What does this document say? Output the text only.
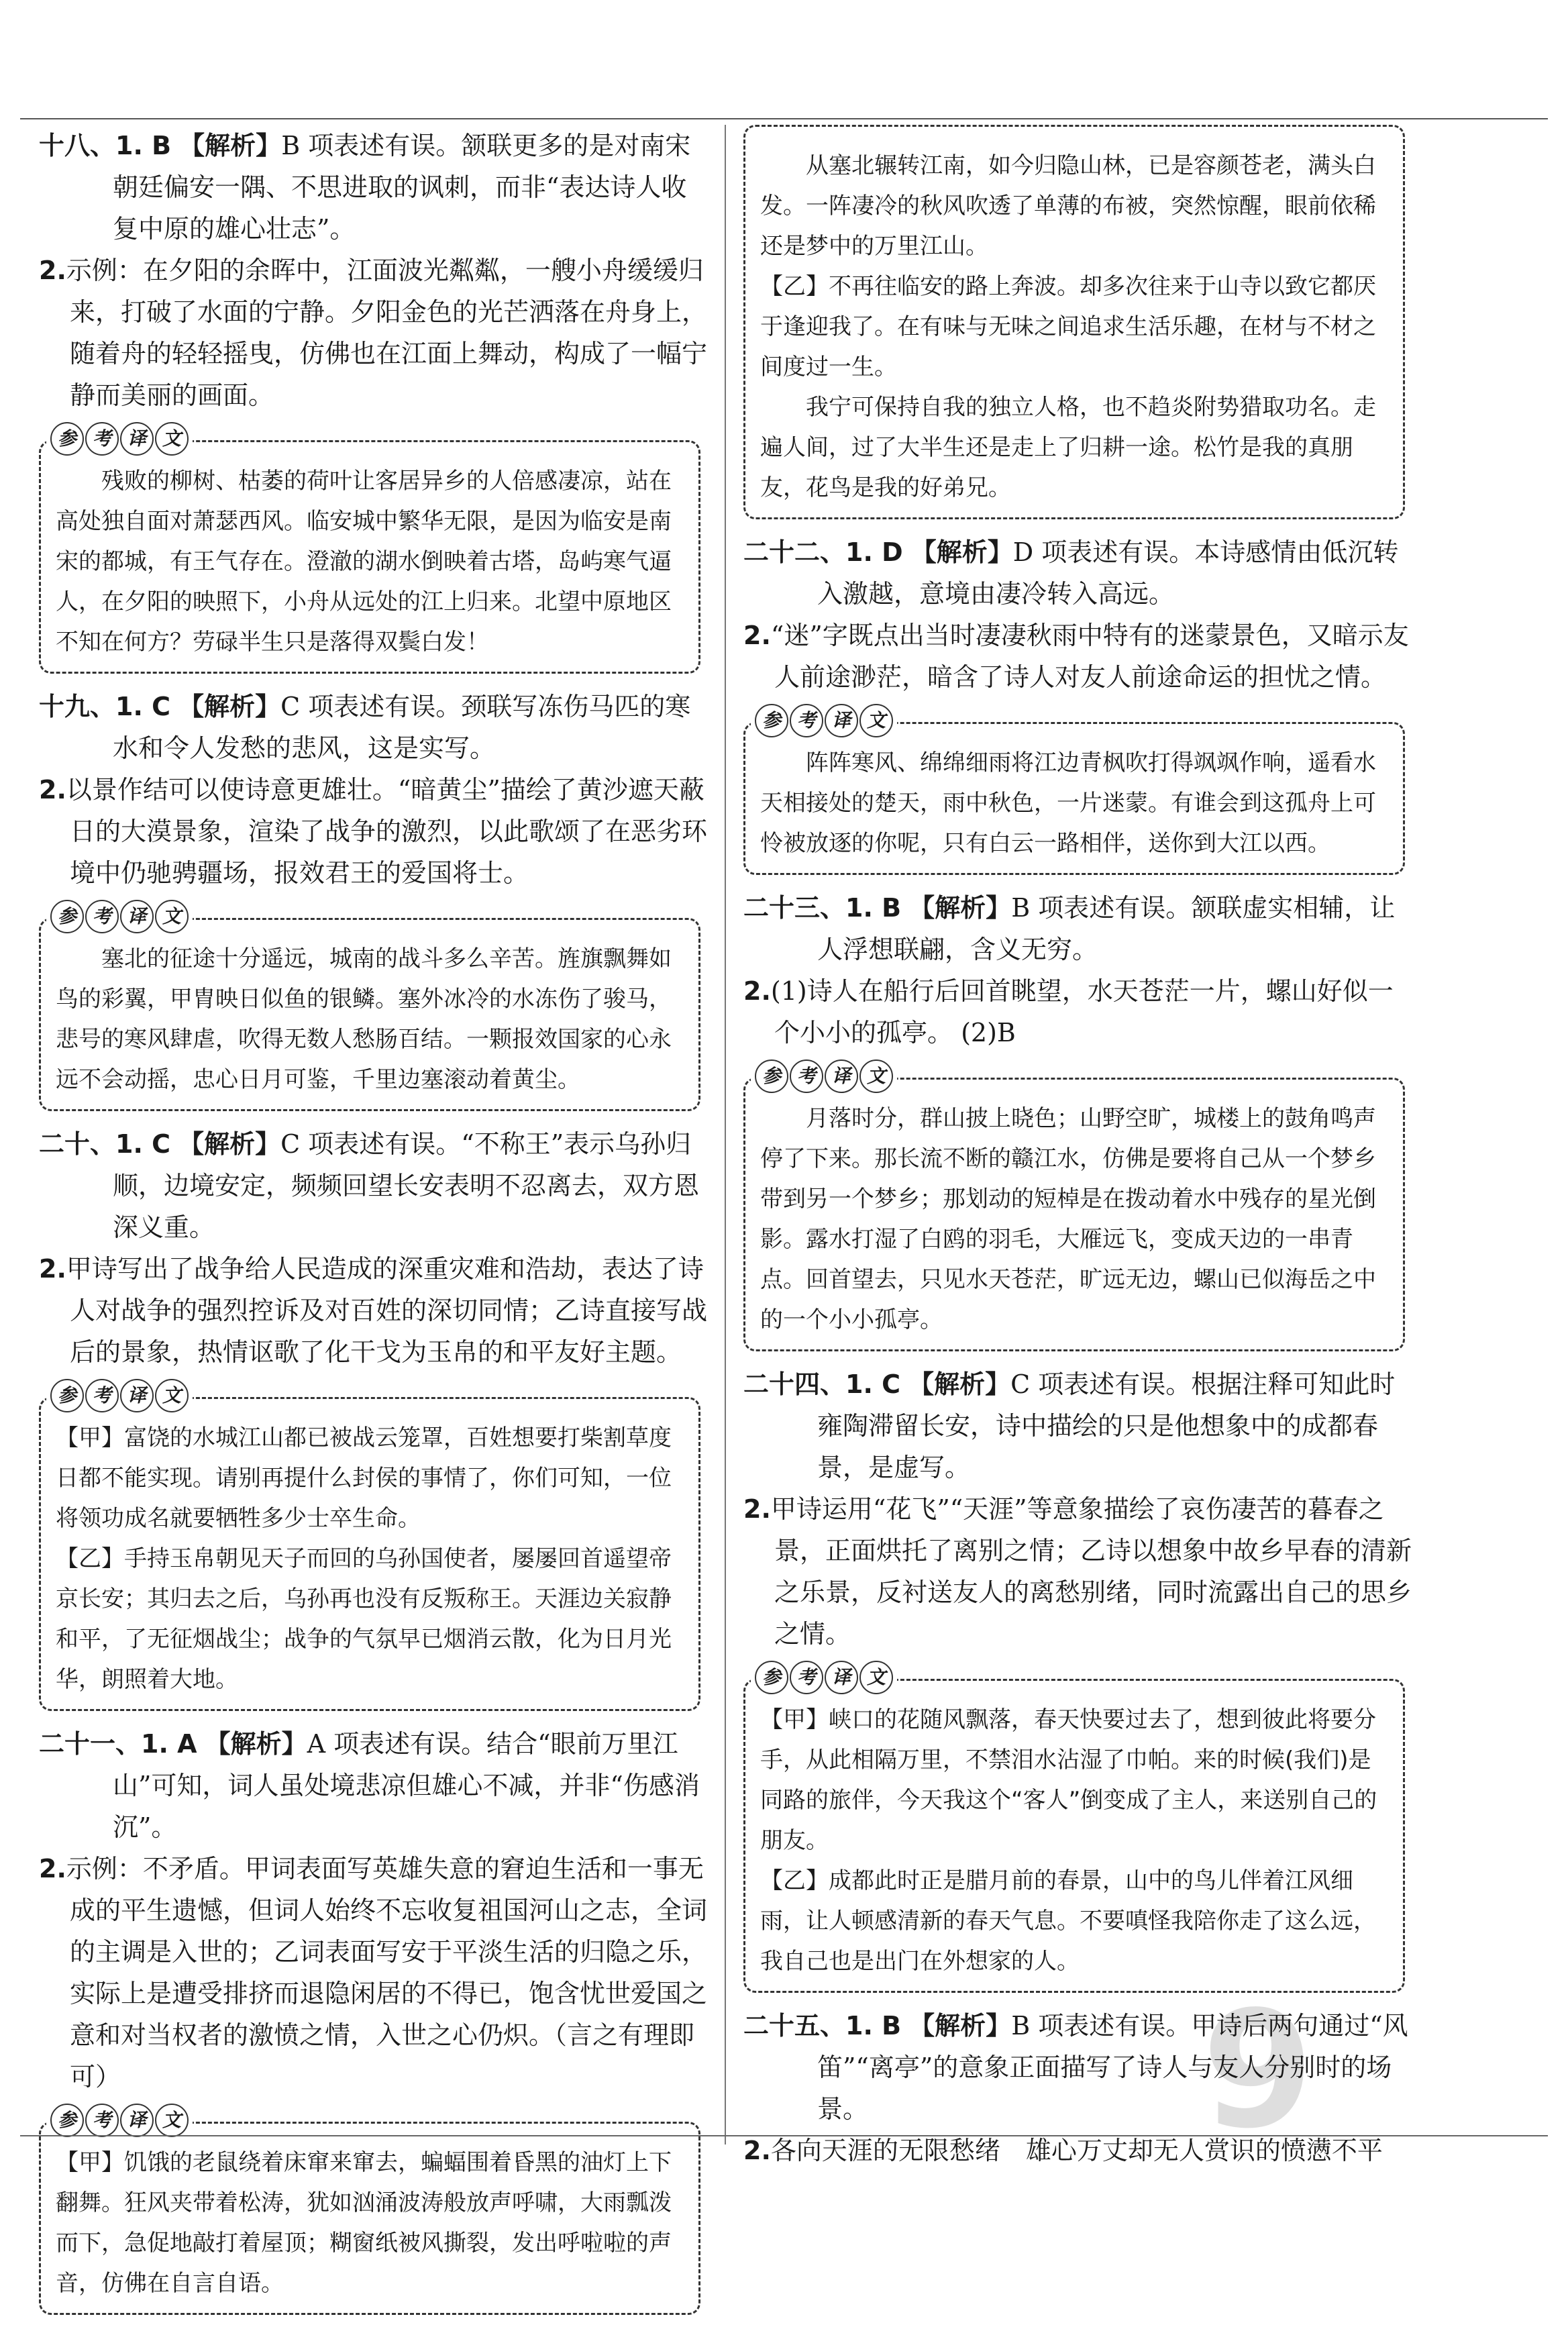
十八、1. B 【解析】B 项表述有误。颔联更多的是对南宋朝廷偏安一隅、不思进取的讽刺，而非“表达诗人收复中原的雄心壮志”。

2.示例：在夕阳的余晖中，江面波光粼粼，一艘小舟缓缓归来，打破了水面的宁静。夕阳金色的光芒洒落在舟身上，随着舟的轻轻摇曳，仿佛也在江面上舞动，构成了一幅宁静而美丽的画面。

参 考 译 文

残败的柳树、枯萎的荷叶让客居异乡的人倍感凄凉，站在高处独自面对萧瑟西风。临安城中繁华无限，是因为临安是南宋的都城，有王气存在。澄澈的湖水倒映着古塔，岛屿寒气逼人，在夕阳的映照下，小舟从远处的江上归来。北望中原地区不知在何方？劳碌半生只是落得双鬓白发！

十九、1. C 【解析】C 项表述有误。颈联写冻伤马匹的寒水和令人发愁的悲风，这是实写。

2.以景作结可以使诗意更雄壮。“暗黄尘”描绘了黄沙遮天蔽日的大漠景象，渲染了战争的激烈，以此歌颂了在恶劣环境中仍驰骋疆场，报效君王的爱国将士。

参 考 译 文

塞北的征途十分遥远，城南的战斗多么辛苦。旌旗飘舞如鸟的彩翼，甲胄映日似鱼的银鳞。塞外冰冷的水冻伤了骏马，悲号的寒风肆虐，吹得无数人愁肠百结。一颗报效国家的心永远不会动摇，忠心日月可鉴，千里边塞滚动着黄尘。

二十、1. C 【解析】C 项表述有误。“不称王”表示乌孙归顺，边境安定，频频回望长安表明不忍离去，双方恩深义重。

2.甲诗写出了战争给人民造成的深重灾难和浩劫，表达了诗人对战争的强烈控诉及对百姓的深切同情；乙诗直接写战后的景象，热情讴歌了化干戈为玉帛的和平友好主题。

参 考 译 文

【甲】富饶的水城江山都已被战云笼罩，百姓想要打柴割草度日都不能实现。请别再提什么封侯的事情了，你们可知，一位将领功成名就要牺牲多少士卒生命。

【乙】手持玉帛朝见天子而回的乌孙国使者，屡屡回首遥望帝京长安；其归去之后，乌孙再也没有反叛称王。天涯边关寂静和平，了无征烟战尘；战争的气氛早已烟消云散，化为日月光华，朗照着大地。

二十一、1. A 【解析】A 项表述有误。结合“眼前万里江山”可知，词人虽处境悲凉但雄心不减，并非“伤感消沉”。

2.示例：不矛盾。甲词表面写英雄失意的窘迫生活和一事无成的平生遗憾，但词人始终不忘收复祖国河山之志，全词的主调是入世的；乙词表面写安于平淡生活的归隐之乐，实际上是遭受排挤而退隐闲居的不得已，饱含忧世爱国之意和对当权者的激愤之情，入世之心仍炽。（言之有理即可）

参 考 译 文

【甲】饥饿的老鼠绕着床窜来窜去，蝙蝠围着昏黑的油灯上下翻舞。狂风夹带着松涛，犹如汹涌波涛般放声呼啸，大雨瓢泼而下，急促地敲打着屋顶；糊窗纸被风撕裂，发出呼啦啦的声音，仿佛在自言自语。

从塞北辗转江南，如今归隐山林，已是容颜苍老，满头白发。一阵凄冷的秋风吹透了单薄的布被，突然惊醒，眼前依稀还是梦中的万里江山。

【乙】不再往临安的路上奔波。却多次往来于山寺以致它都厌于逢迎我了。在有味与无味之间追求生活乐趣，在材与不材之间度过一生。

我宁可保持自我的独立人格，也不趋炎附势猎取功名。走遍人间，过了大半生还是走上了归耕一途。松竹是我的真朋友，花鸟是我的好弟兄。

二十二、1. D 【解析】D 项表述有误。本诗感情由低沉转入激越，意境由凄冷转入高远。

2.“迷”字既点出当时凄凄秋雨中特有的迷蒙景色，又暗示友人前途渺茫，暗含了诗人对友人前途命运的担忧之情。

参 考 译 文

阵阵寒风、绵绵细雨将江边青枫吹打得飒飒作响，遥看水天相接处的楚天，雨中秋色，一片迷蒙。有谁会到这孤舟上可怜被放逐的你呢，只有白云一路相伴，送你到大江以西。

二十三、1. B 【解析】B 项表述有误。颔联虚实相辅，让人浮想联翩，含义无穷。

2.(1)诗人在船行后回首眺望，水天苍茫一片，螺山好似一个小小的孤亭。 (2)B

参 考 译 文

月落时分，群山披上晓色；山野空旷，城楼上的鼓角鸣声停了下来。那长流不断的赣江水，仿佛是要将自己从一个梦乡带到另一个梦乡；那划动的短棹是在拨动着水中残存的星光倒影。露水打湿了白鸥的羽毛，大雁远飞，变成天边的一串青点。回首望去，只见水天苍茫，旷远无边，螺山已似海岳之中的一个小小孤亭。

二十四、1. C 【解析】C 项表述有误。根据注释可知此时雍陶滞留长安，诗中描绘的只是他想象中的成都春景，是虚写。

2.甲诗运用“花飞”“天涯”等意象描绘了哀伤凄苦的暮春之景，正面烘托了离别之情；乙诗以想象中故乡早春的清新之乐景，反衬送友人的离愁别绪，同时流露出自己的思乡之情。

参 考 译 文

【甲】峡口的花随风飘落，春天快要过去了，想到彼此将要分手，从此相隔万里，不禁泪水沾湿了巾帕。来的时候(我们)是同路的旅伴，今天我这个“客人”倒变成了主人，来送别自己的朋友。

【乙】成都此时正是腊月前的春景，山中的鸟儿伴着江风细雨，让人顿感清新的春天气息。不要嗔怪我陪你走了这么远，我自己也是出门在外想家的人。

二十五、1. B 【解析】B 项表述有误。甲诗后两句通过“风笛”“离亭”的意象正面描写了诗人与友人分别时的场景。

2.各向天涯的无限愁绪　雄心万丈却无人赏识的愤懑不平

9
